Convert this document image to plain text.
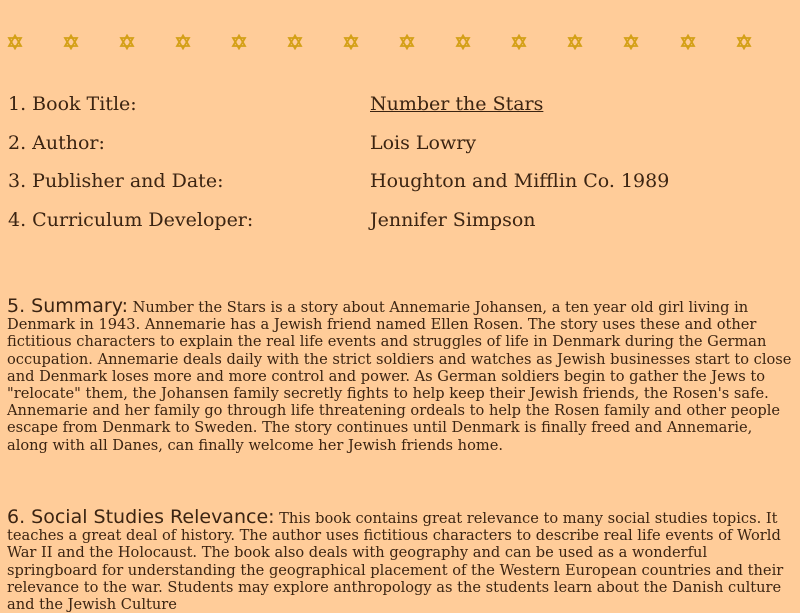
1. Book Title:	Number the Stars
2. Author:	Lois Lowry
3. Publisher and Date:	Houghton and Mifflin Co. 1989
4. Curriculum Developer:	Jennifer Simpson
5. Summary: Number the Stars is a story about Annemarie Johansen, a ten year old girl living in Denmark in 1943. Annemarie has a Jewish friend named Ellen Rosen. The story uses these and other fictitious characters to explain the real life events and struggles of life in Denmark during the German occupation. Annemarie deals daily with the strict soldiers and watches as Jewish businesses start to close and Denmark loses more and more control and power. As German soldiers begin to gather the Jews to "relocate" them, the Johansen family secretly fights to help keep their Jewish friends, the Rosen's safe. Annemarie and her family go through life threatening ordeals to help the Rosen family and other people escape from Denmark to Sweden. The story continues until Denmark is finally freed and Annemarie, along with all Danes, can finally welcome her Jewish friends home.
6. Social Studies Relevance: This book contains great relevance to many social studies topics. It teaches a great deal of history. The author uses fictitious characters to describe real life events of World War II and the Holocaust. The book also deals with geography and can be used as a wonderful springboard for understanding the geographical placement of the Western European countries and their relevance to the war. Students may explore anthropology as the students learn about the Danish culture and the Jewish Culture
